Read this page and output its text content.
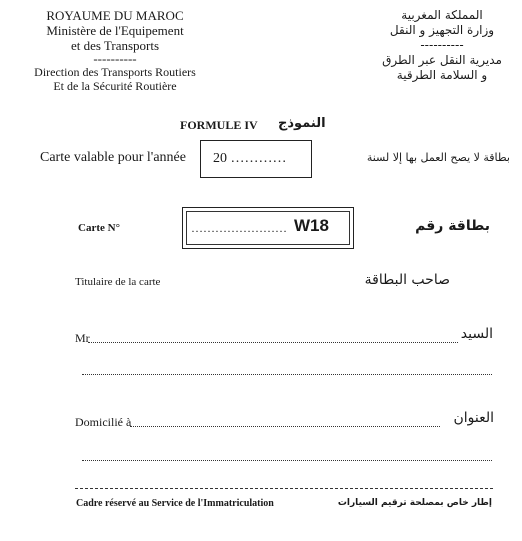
ROYAUME DU MAROC
Ministère de l'Equipement
et des Transports
----------
Direction des Transports Routiers
Et de la Sécurité Routière
المملكة المغربية
وزارة التجهيز و النقل
----------
مديرية النقل عبر الطرق
و السلامة الطرقية
FORMULE IV النموذج
Carte valable pour l'année 20 …………	بطاقة لا يصح العمل بها إلا لسنة
Carte N°	…………………… W18	بطاقة رقم
Titulaire de la carte	صاحب البطاقة
Mr	السيد
Domicilié à	العنوان
Cadre réservé au Service de l'Immatriculation	إطار خاص بمصلحة ترقيم السيارات
